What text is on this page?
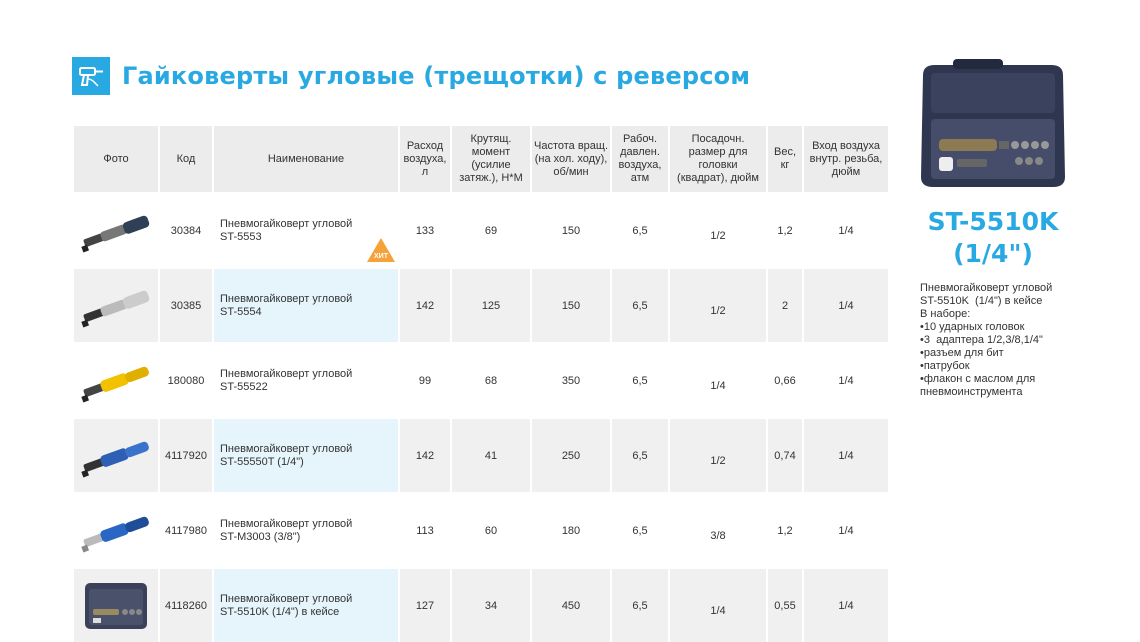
Гайковерты угловые (трещотки) с реверсом
Фото	Код	Наименование	Расход воздуха, л	Крутящ. момент (усилие затяж.), Н*М	Частота вращ. (на хол. ходу), об/мин	Рабоч. давлен. воздуха, атм	Посадочн. размер для головки (квадрат), дюйм	Вес, кг	Вход воздуха внутр. резьба, дюйм

	30384	Пневмогайковерт угловой
ST-5553
ХИТ	133	69	150	6,5	1/2	1,2	1/4

	30385	Пневмогайковерт угловой
ST-5554	142	125	150	6,5	1/2	2	1/4

	180080	Пневмогайковерт угловой
ST-55522	99	68	350	6,5	1/4	0,66	1/4

	4117920	Пневмогайковерт угловой
ST-55550T (1/4")	142	41	250	6,5	1/2	0,74	1/4

	4117980	Пневмогайковерт угловой
ST-M3003 (3/8")	113	60	180	6,5	3/8	1,2	1/4

	4118260	Пневмогайковерт угловой
ST-5510K (1/4") в кейсе	127	34	450	6,5	1/4	0,55	1/4
ST-5510K
(1/4")
Пневмогайковерт угловой
ST-5510K  (1/4") в кейсе
В наборе:
•10 ударных головок
•3  адаптера 1/2,3/8,1/4"
•разъем для бит
•патрубок
•флакон с маслом для
пневмоинструмента
